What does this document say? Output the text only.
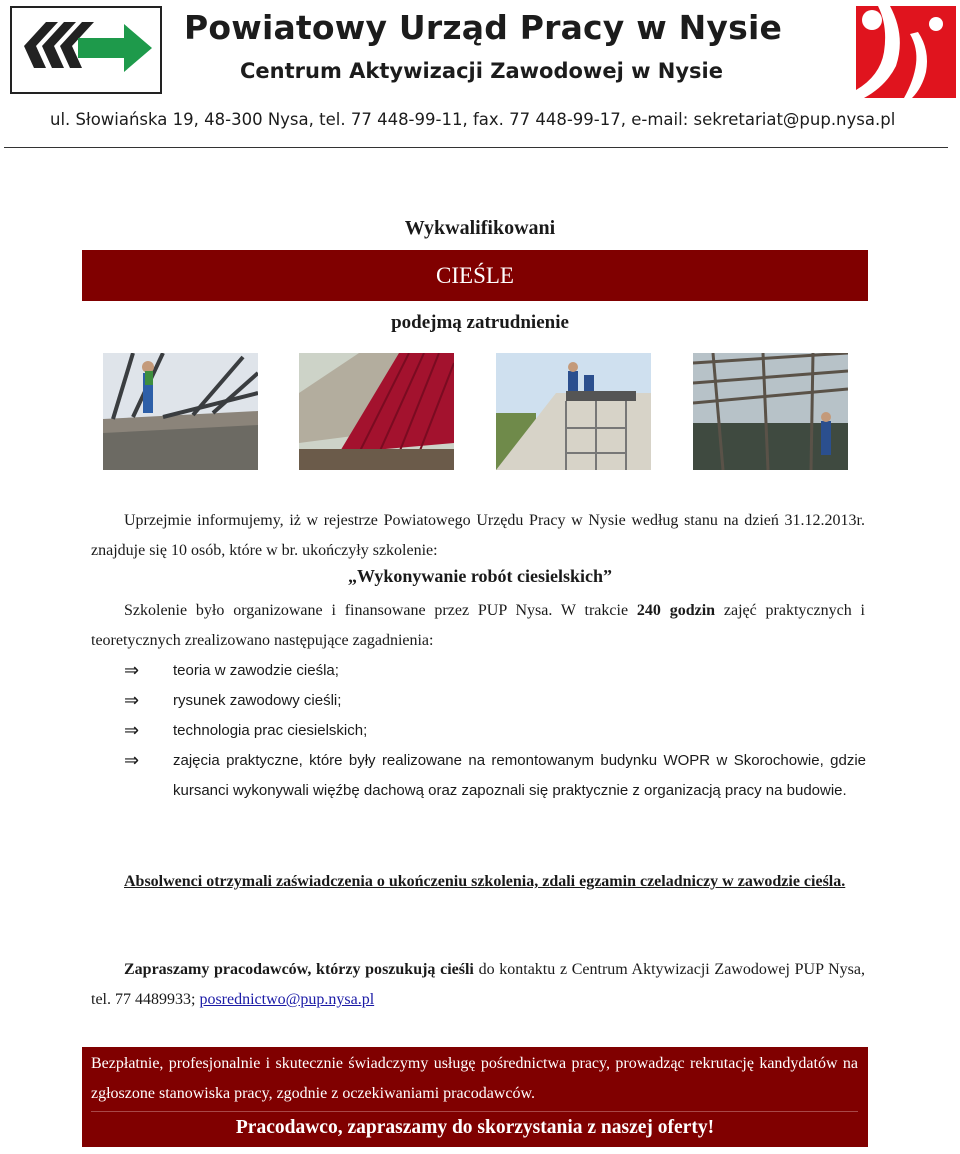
Powiatowy Urząd Pracy w Nysie
Centrum Aktywizacji Zawodowej w Nysie
ul. Słowiańska 19, 48-300 Nysa, tel. 77 448-99-11, fax. 77 448-99-17, e-mail: sekretariat@pup.nysa.pl
Wykwalifikowani
CIEŚLE
podejmą zatrudnienie
Uprzejmie informujemy, iż w rejestrze Powiatowego Urzędu Pracy w Nysie według stanu na dzień 31.12.2013r. znajduje się 10 osób, które w br. ukończyły szkolenie:
„Wykonywanie robót ciesielskich”
Szkolenie było organizowane i finansowane przez PUP Nysa. W trakcie 240 godzin zajęć praktycznych i teoretycznych zrealizowano następujące zagadnienia:
⇒ teoria w zawodzie cieśla;
⇒ rysunek zawodowy cieśli;
⇒ technologia prac ciesielskich;
⇒ zajęcia praktyczne, które były realizowane na remontowanym budynku WOPR w Skorochowie, gdzie kursanci wykonywali więźbę dachową oraz zapoznali się praktycznie z organizacją pracy na budowie.
Absolwenci otrzymali zaświadczenia o ukończeniu szkolenia, zdali egzamin czeladniczy w zawodzie cieśla.
Zapraszamy pracodawców, którzy poszukują cieśli do kontaktu z Centrum Aktywizacji Zawodowej PUP Nysa, tel. 77 4489933; posrednictwo@pup.nysa.pl
Bezpłatnie, profesjonalnie i skutecznie świadczymy usługę pośrednictwa pracy, prowadząc rekrutację kandydatów na zgłoszone stanowiska pracy, zgodnie z oczekiwaniami pracodawców.
Pracodawco, zapraszamy do skorzystania z naszej oferty!
